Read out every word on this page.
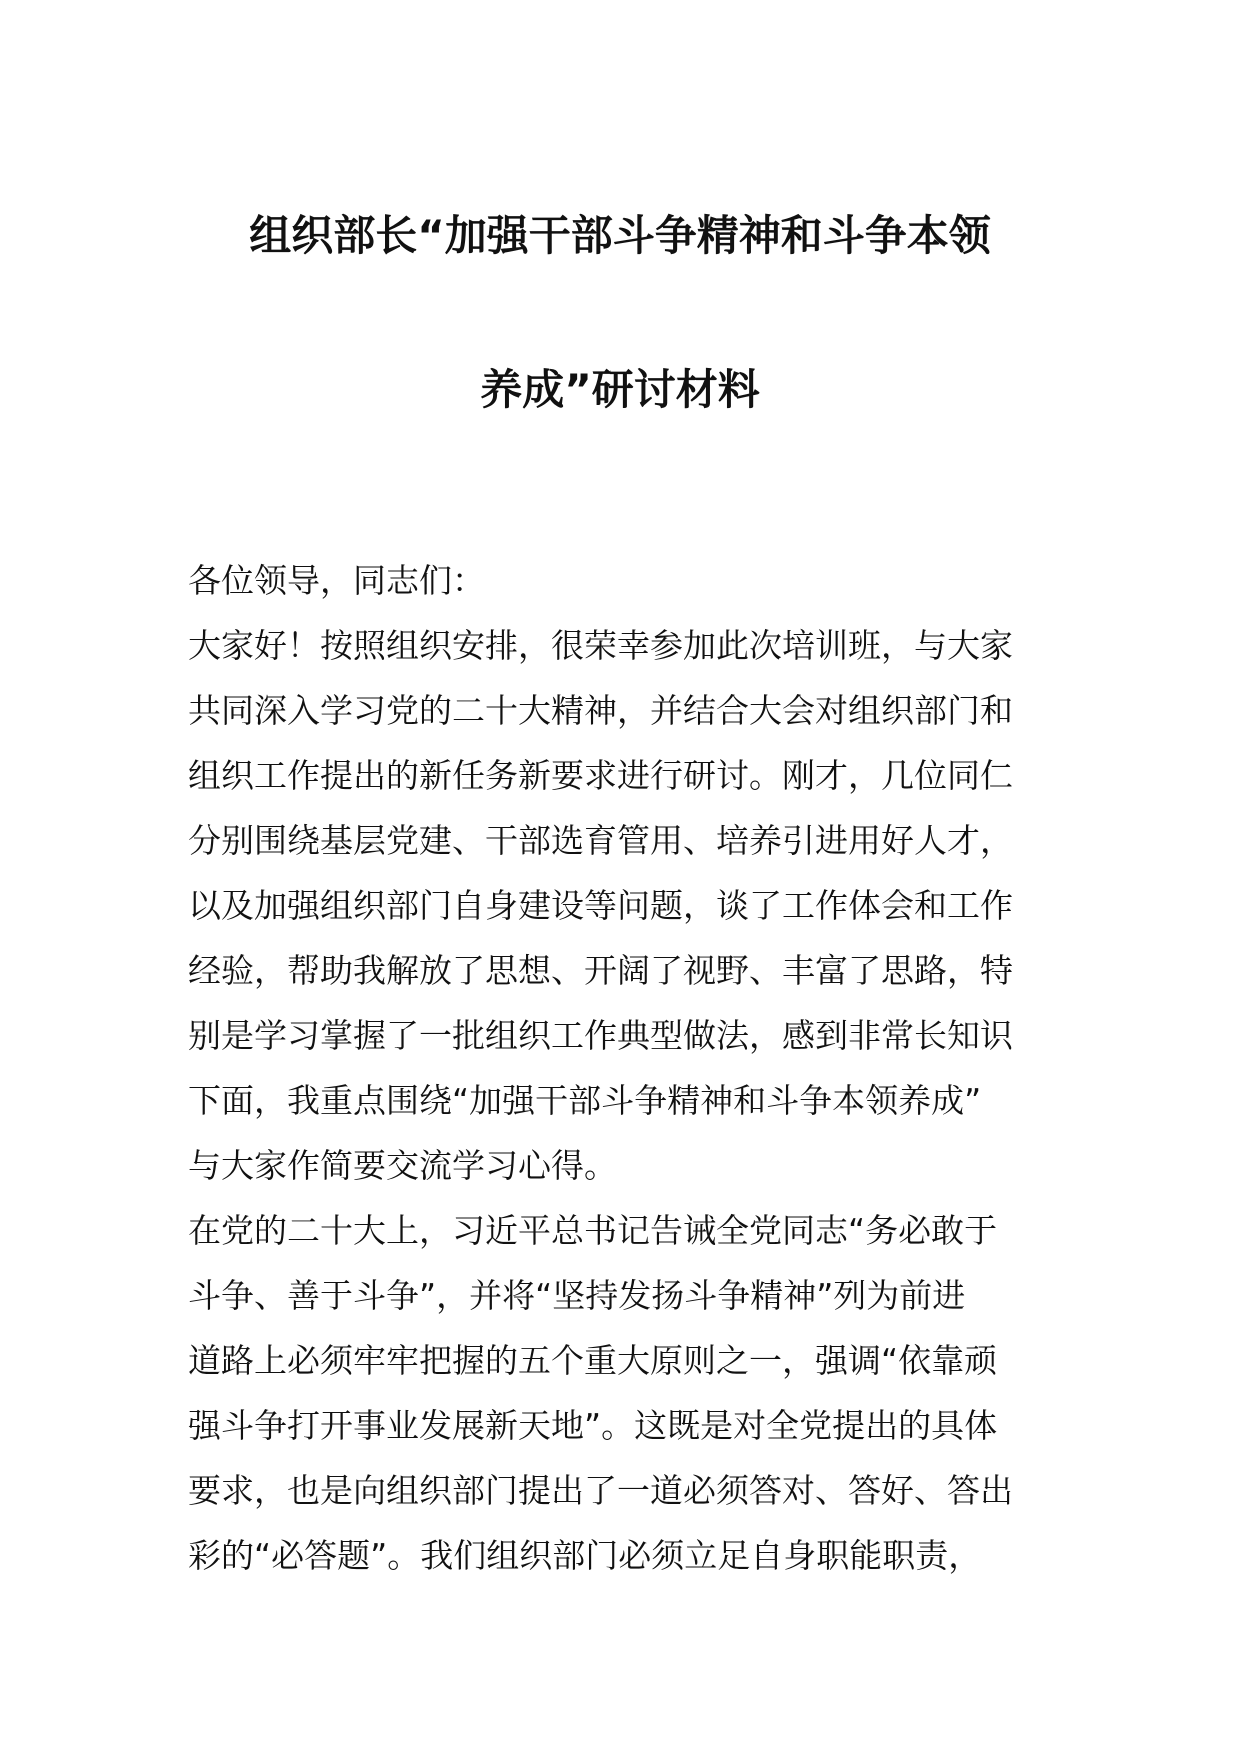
组织部长“加强干部斗争精神和斗争本领
养成”研讨材料
各位领导，同志们：
大家好！按照组织安排，很荣幸参加此次培训班，与大家
共同深入学习党的二十大精神，并结合大会对组织部门和
组织工作提出的新任务新要求进行研讨。刚才，几位同仁
分别围绕基层党建、干部选育管用、培养引进用好人才，
以及加强组织部门自身建设等问题，谈了工作体会和工作
经验，帮助我解放了思想、开阔了视野、丰富了思路，特
别是学习掌握了一批组织工作典型做法，感到非常长知识
下面，我重点围绕“加强干部斗争精神和斗争本领养成”
与大家作简要交流学习心得。
在党的二十大上，习近平总书记告诫全党同志“务必敢于
斗争、善于斗争”，并将“坚持发扬斗争精神”列为前进
道路上必须牢牢把握的五个重大原则之一，强调“依靠顽
强斗争打开事业发展新天地”。这既是对全党提出的具体
要求，也是向组织部门提出了一道必须答对、答好、答出
彩的“必答题”。我们组织部门必须立足自身职能职责，
